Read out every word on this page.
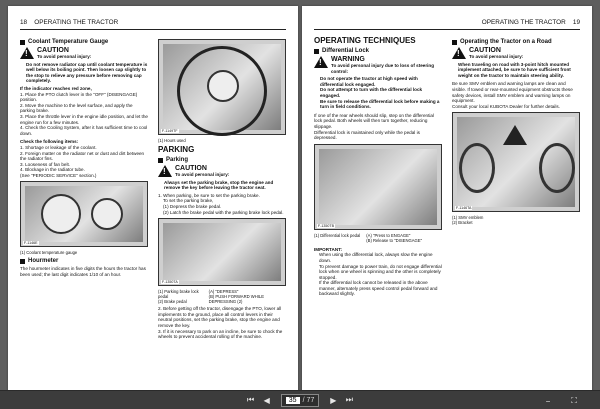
18 OPERATING THE TRACTOR
Coolant Temperature Gauge
!
CAUTION
To avoid personal injury:
Do not remove radiator cap until coolant temperature is well below its boiling point. Then loosen cap slightly to the stop to relieve any pressure before removing cap completely.
If the indicator reaches red zone,
1. Place the PTO clutch lever in the "OFF" (DISENGAGE) position.
2. Move the machine to the level surface, and apply the parking brake.
3. Place the throttle lever in the engine idle position, and let the engine run for a few minutes.
4. Check the Cooling System, after it has sufficient time to cool down.
Check the following items:
1. Shortage or leakage of the coolant.
2. Foreign matter on the radiator net or dust and dirt between the radiator fins.
3. Looseness of fan belt.
4. Blockage in the radiator tube.
(See "PERIODIC SERVICE" section.)
F-1146E
(1) Coolant temperature gauge
Hourmeter
The hourmeter indicates in five digits the hours the tractor has been used; the last digit indicates 1/10 of an hour.
F-1149TF
(1) Hours used
PARKING
Parking
!
CAUTION
To avoid personal injury:
Always set the parking brake, stop the engine and remove the key before leaving the tractor seat.
1. When parking, be sure to set the parking brake.
To set the parking brake,
(1) Depress the brake pedal.
(2) Latch the brake pedal with the parking brake lock pedal.
F-1350TA
(1) Parking brake lock pedal
(2) Brake pedal
(A) "DEPRESS"
(B) PUSH FORWARD WHILE DEPRESSING (2)
2. Before getting off the tractor, disengage the PTO, lower all implements to the ground, place all control levers in their neutral positions, set the parking brake, stop the engine and remove the key.
3. If it is necessary to park on an incline, be sure to chock the wheels to prevent accidental rolling of the machine.
OPERATING THE TRACTOR 19
OPERATING TECHNIQUES
Differential Lock
!
WARNING
To avoid personal injury due to loss of steering control:
Do not operate the tractor at high speed with differential lock engaged.
Do not attempt to turn with the differential lock engaged.
Be sure to release the differential lock before making a turn in field conditions.
If one of the rear wheels should slip, step on the differential lock pedal. Both wheels will then turn together, reducing slippage.
Differential lock is maintained only while the pedal is depressed.
F-1350TB
(1) Differential lock pedal (A) "Press to ENGAGE"
(B) Release to "DISENGAGE"
IMPORTANT:
When using the differential lock, always slow the engine down.
To prevent damage to power train, do not engage differential lock when one wheel is spinning and the other is completely stopped.
If the differential lock cannot be released in the above manner, alternately press speed control pedal forward and backward slightly.
Operating the Tractor on a Road
!
CAUTION
To avoid personal injury:
When traveling on road with 3-point hitch mounted implement attached, be sure to have sufficient front weight on the tractor to maintain steering ability.
Be sure SMV emblem and warning lamps are clean and visible. If towed or rear-mounted equipment obstructs these safety devices, install SMV emblem and warning lamps on equipment.
Consult your local KUBOTA Dealer for further details.
F-1146TA
(1) SMV emblem
(2) Bracket
⏮	◀	35 / 77	▶	⏭	−	⛶
